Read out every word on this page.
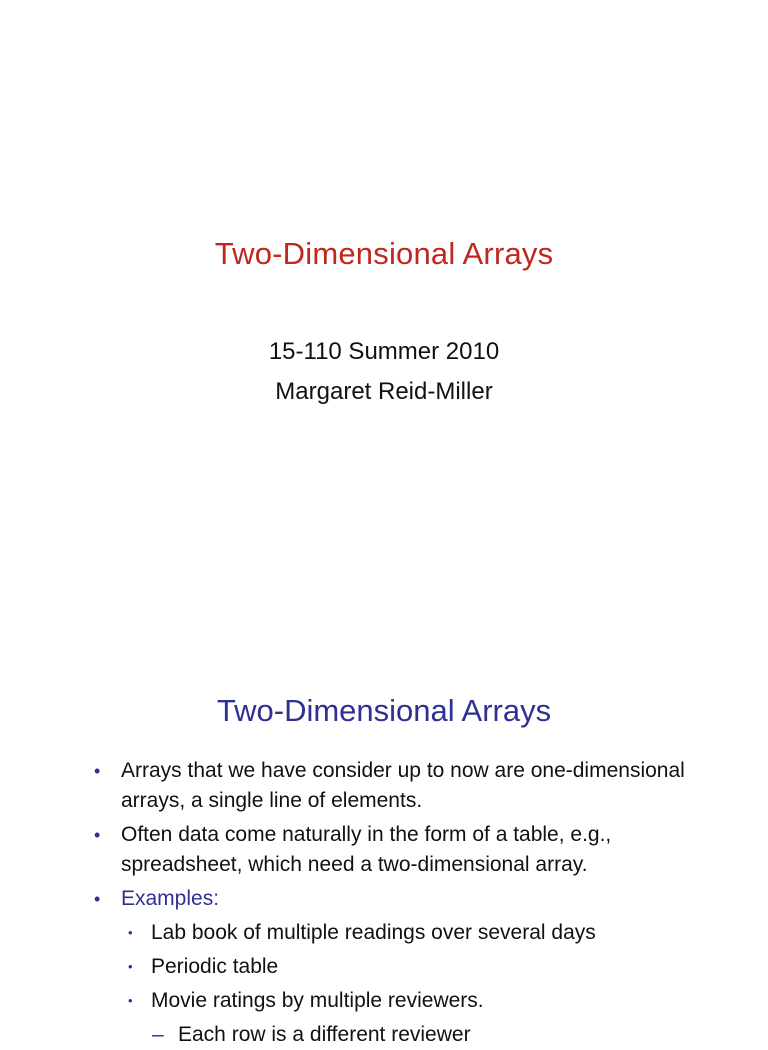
Two-Dimensional Arrays
15-110 Summer 2010
Margaret Reid-Miller
Two-Dimensional Arrays
• Arrays that we have consider up to now are one-dimensional arrays, a single line of elements.
• Often data come naturally in the form of a table, e.g., spreadsheet, which need a two-dimensional array.
• Examples:
• Lab book of multiple readings over several days
• Periodic table
• Movie ratings by multiple reviewers.
– Each row is a different reviewer
